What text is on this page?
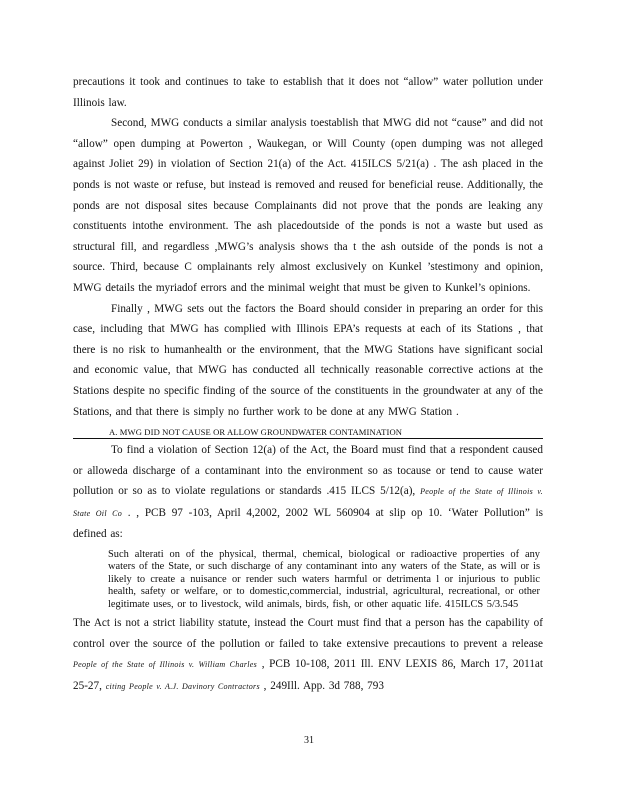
precautions it took and continues to take to establish that it does not “allow” water pollution under Illinois law.

Second, MWG conducts a similar analysis toestablish that MWG did not “cause” and did not “allow” open dumping at Powerton , Waukegan, or Will County (open dumping was not alleged against Joliet 29) in violation of Section 21(a) of the Act. 415ILCS 5/21(a) . The ash placed in the ponds is not waste or refuse, but instead is removed and reused for beneficial reuse. Additionally, the ponds are not disposal sites because Complainants did not prove that the ponds are leaking any constituents intothe environment. The ash placedoutside of the ponds is not a waste but used as structural fill, and regardless ,MWG’s analysis shows tha t the ash outside of the ponds is not a source. Third, because C omplainants rely almost exclusively on Kunkel ’stestimony and opinion, MWG details the myriadof errors and the minimal weight that must be given to Kunkel’s opinions.

Finally , MWG sets out the factors the Board should consider in preparing an order for this case, including that MWG has complied with Illinois EPA’s requests at each of its Stations , that there is no risk to humanhealth or the environment, that the MWG Stations have significant social and economic value, that MWG has conducted all technically reasonable corrective actions at the Stations despite no specific finding of the source of the constituents in the groundwater at any of the Stations, and that there is simply no further work to be done at any MWG Station .

A. MWG DID NOT CAUSE OR ALLOW GROUNDWATER CONTAMINATION

To find a violation of Section 12(a) of the Act, the Board must find that a respondent caused or alloweda discharge of a contaminant into the environment so as tocause or tend to cause water pollution or so as to violate regulations or standards .415 ILCS 5/12(a), People of the State of Illinois v. State Oil Co . , PCB 97 -103, April 4,2002, 2002 WL 560904 at slip op 10. ‘Water Pollution” is defined as:

Such alterati on of the physical, thermal, chemical, biological or radioactive properties of any waters of the State, or such discharge of any contaminant into any waters of the State, as will or is likely to create a nuisance or render such waters harmful or detrimenta l or injurious to public health, safety or welfare, or to domestic,commercial, industrial, agricultural, recreational, or other legitimate uses, or to livestock, wild animals, birds, fish, or other aquatic life. 415ILCS 5/3.545

The Act is not a strict liability statute, instead the Court must find that a person has the capability of control over the source of the pollution or failed to take extensive precautions to prevent a release People of the State of Illinois v. William Charles , PCB 10-108, 2011 Ill. ENV LEXIS 86, March 17, 2011at 25-27, citing People v. A.J. Davinory Contractors , 249Ill. App. 3d 788, 793

31
